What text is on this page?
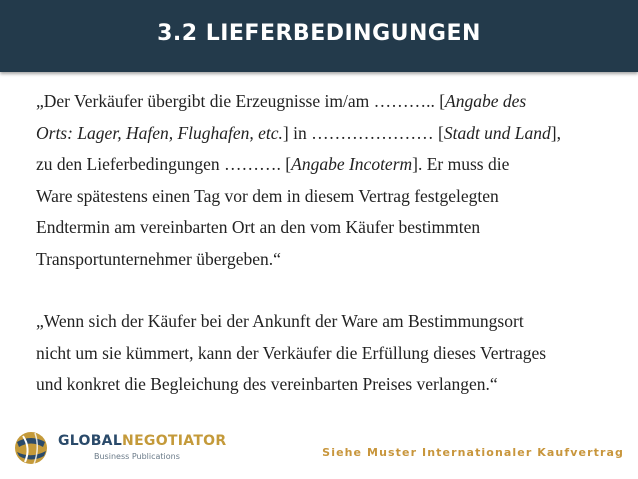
3.2 LIEFERBEDINGUNGEN

„Der Verkäufer übergibt die Erzeugnisse im/am ……….. [Angabe des
Orts: Lager, Hafen, Flughafen, etc.] in ………………… [Stadt und Land],
zu den Lieferbedingungen ………. [Angabe Incoterm]. Er muss die
Ware spätestens einen Tag vor dem in diesem Vertrag festgelegten
Endtermin am vereinbarten Ort an den vom Käufer bestimmten
Transportunternehmer übergeben.“

„Wenn sich der Käufer bei der Ankunft der Ware am Bestimmungsort
nicht um sie kümmert, kann der Verkäufer die Erfüllung dieses Vertrages
und konkret die Begleichung des vereinbarten Preises verlangen.“

GLOBALNEGOTIATOR
Business Publications	Siehe Muster Internationaler Kaufvertrag
